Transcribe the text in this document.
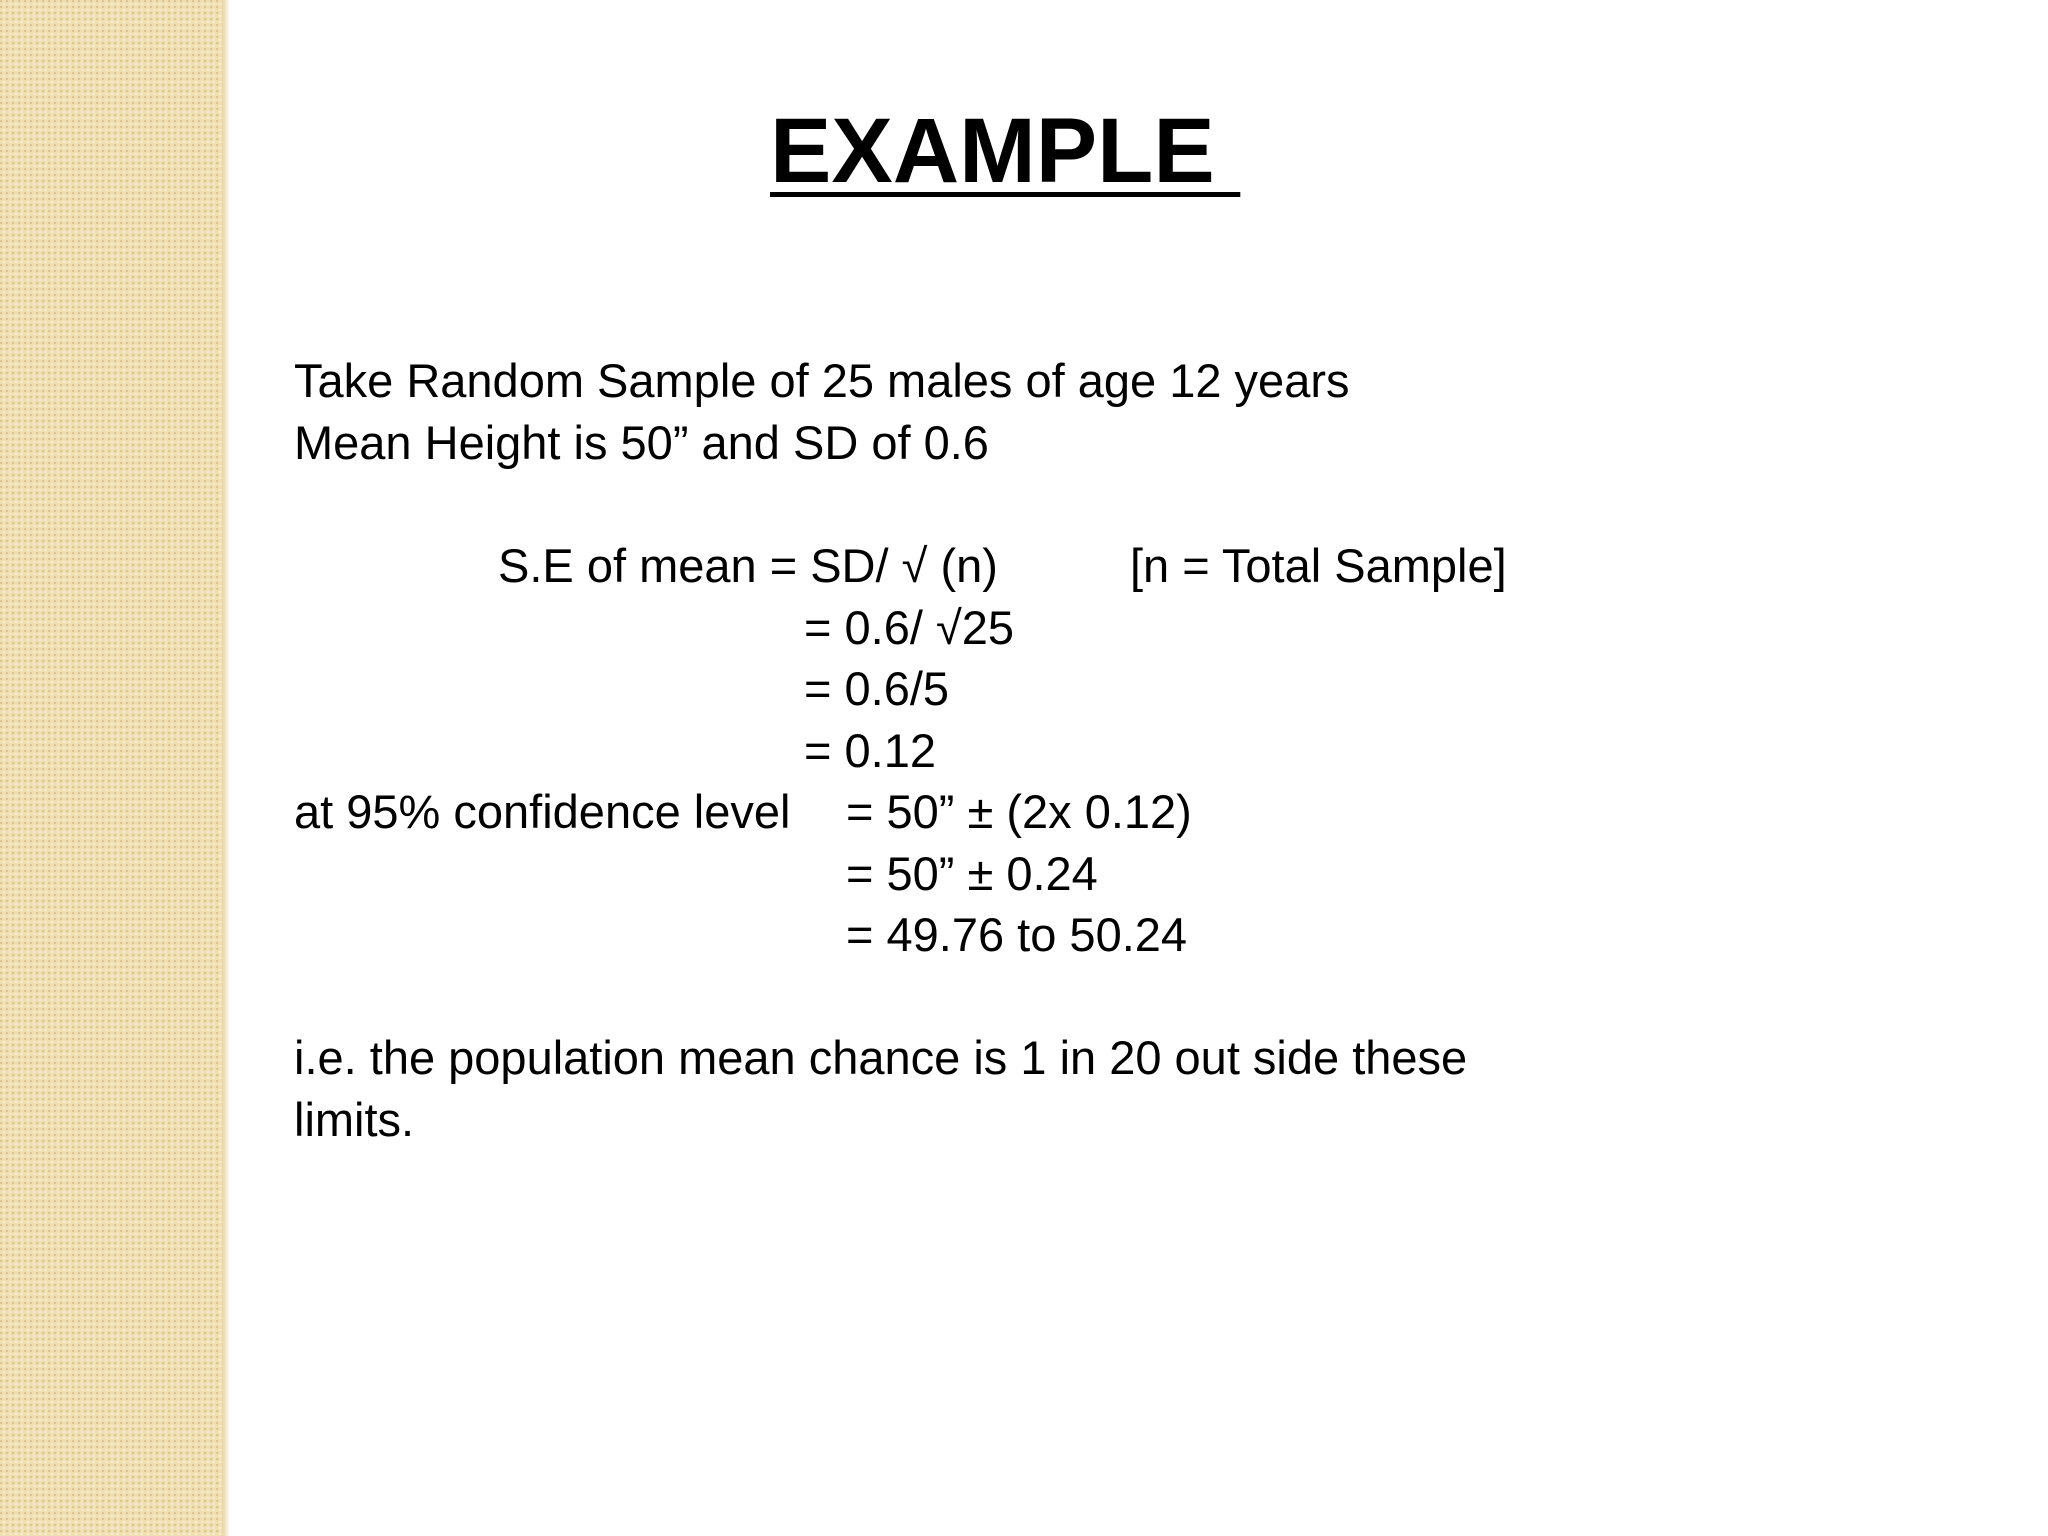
EXAMPLE
Take Random Sample of 25 males of age 12 years
Mean Height is 50” and SD of 0.6
S.E of mean = SD/ √ (n)	[n = Total Sample]
= 0.6/ √25
= 0.6/5
= 0.12
at 95% confidence level = 50” ± (2x 0.12)
= 50” ± 0.24
= 49.76 to 50.24
i.e. the population mean chance is 1 in 20 out side these
limits.
